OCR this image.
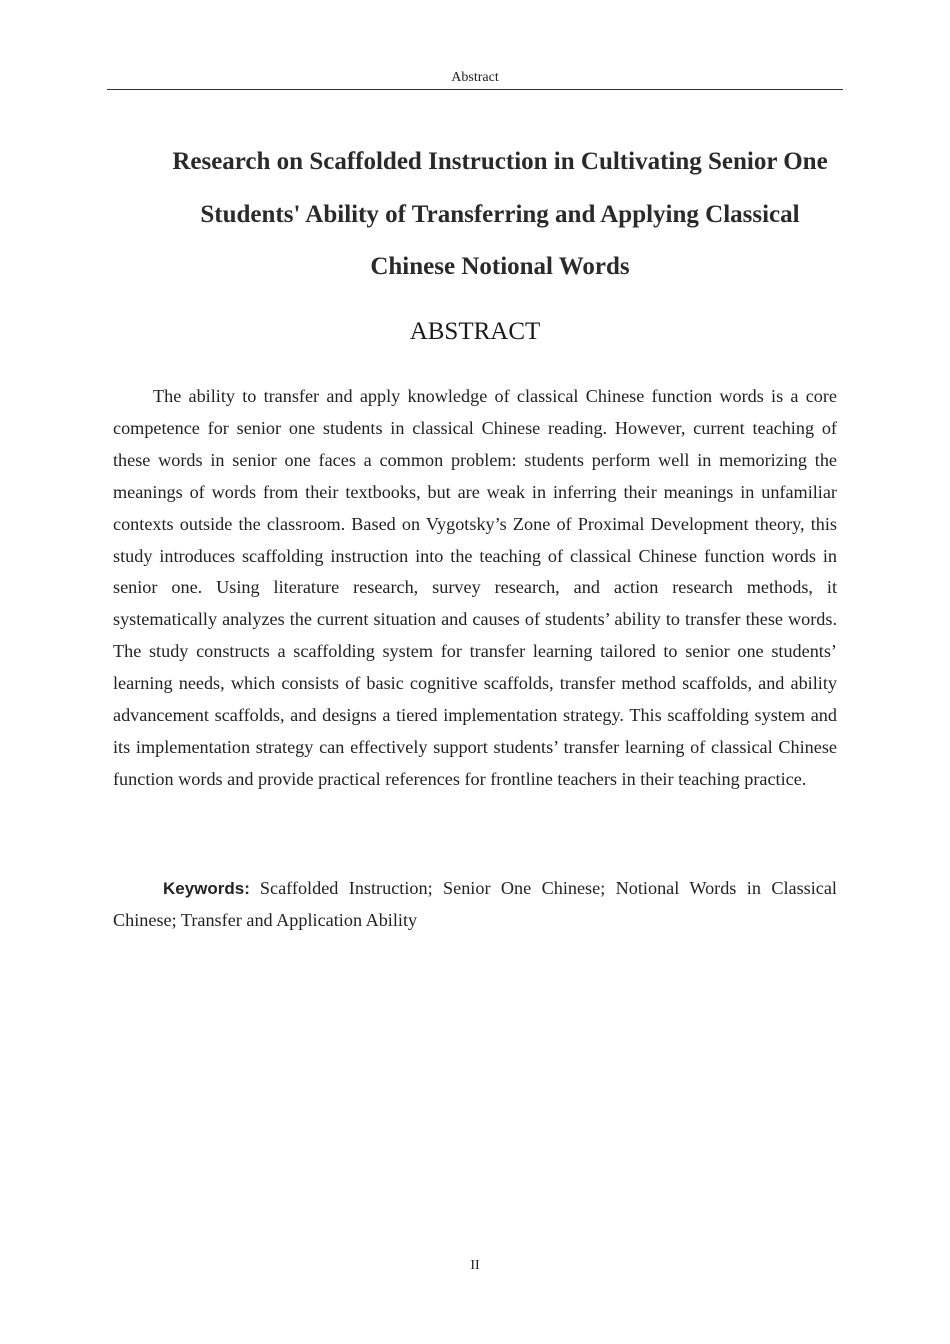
Abstract
Research on Scaffolded Instruction in Cultivating Senior One
Students' Ability of Transferring and Applying Classical
Chinese Notional Words
ABSTRACT

The ability to transfer and apply knowledge of classical Chinese function words is a core competence for senior one students in classical Chinese reading. However, current teaching of these words in senior one faces a common problem: students perform well in memorizing the meanings of words from their textbooks, but are weak in inferring their meanings in unfamiliar contexts outside the classroom. Based on Vygotsky’s Zone of Proximal Development theory, this study introduces scaffolding instruction into the teaching of classical Chinese function words in senior one. Using literature research, survey research, and action research methods, it systematically analyzes the current situation and causes of students’ ability to transfer these words. The study constructs a scaffolding system for transfer learning tailored to senior one students’ learning needs, which consists of basic cognitive scaffolds, transfer method scaffolds, and ability advancement scaffolds, and designs a tiered implementation strategy. This scaffolding system and its implementation strategy can effectively support students’ transfer learning of classical Chinese function words and provide practical references for frontline teachers in their teaching practice.

Keywords: Scaffolded Instruction; Senior One Chinese; Notional Words in Classical Chinese; Transfer and Application Ability

II
